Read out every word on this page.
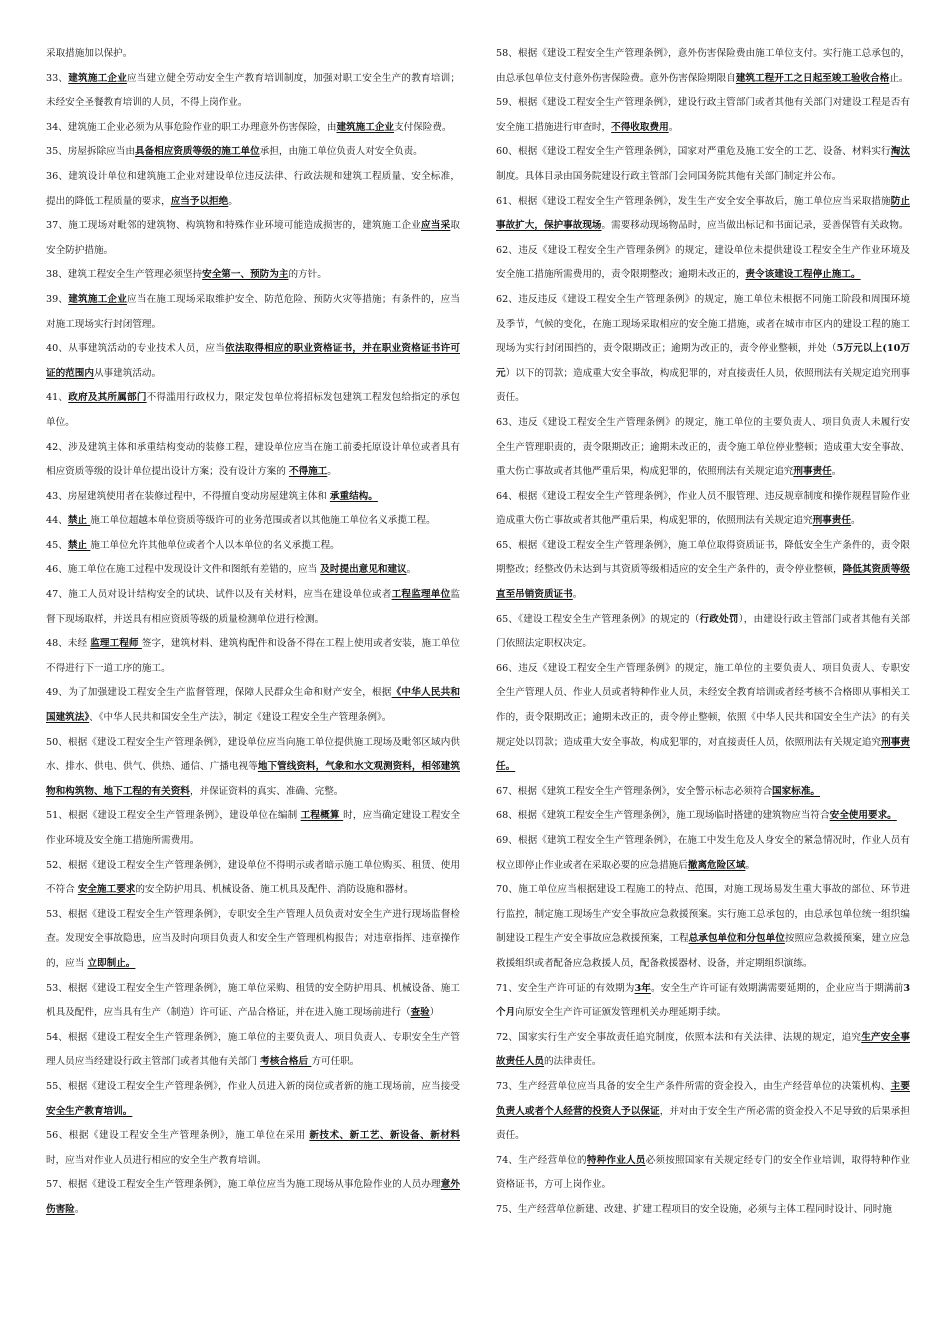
采取措施加以保护。

33、建筑施工企业应当建立健全劳动安全生产教育培训制度，加强对职工安全生产的教育培训；未经安全圣餐教育培训的人员，不得上岗作业。

34、建筑施工企业必须为从事危险作业的职工办理意外伤害保险，由建筑施工企业支付保险费。

35、房屋拆除应当由具备相应资质等级的施工单位承担，由施工单位负责人对安全负责。

36、建筑设计单位和建筑施工企业对建设单位违反法律、行政法规和建筑工程质量、安全标准，提出的降低工程质量的要求，应当予以拒绝。

37、施工现场对毗邻的建筑物、构筑物和特殊作业环境可能造成损害的，建筑施工企业应当采取安全防护措施。

38、建筑工程安全生产管理必须坚持安全第一、预防为主的方针。

39、建筑施工企业应当在施工现场采取维护安全、防范危险、预防火灾等措施；有条件的，应当对施工现场实行封闭管理。

40、从事建筑活动的专业技术人员，应当依法取得相应的职业资格证书，并在职业资格证书许可证的范围内从事建筑活动。

41、政府及其所属部门不得滥用行政权力，限定发包单位将招标发包建筑工程发包给指定的承包单位。

42、涉及建筑主体和承重结构变动的装修工程，建设单位应当在施工前委托原设计单位或者具有相应资质等级的设计单位提出设计方案；没有设计方案的 不得施工。

43、房屋建筑使用者在装修过程中，不得擅自变动房屋建筑主体和 承重结构。

44、禁止 施工单位超越本单位资质等级许可的业务范围或者以其他施工单位名义承揽工程。

45、禁止 施工单位允许其他单位或者个人以本单位的名义承揽工程。

46、施工单位在施工过程中发现设计文件和图纸有差错的，应当 及时提出意见和建议。

47、施工人员对设计结构安全的试块、试件以及有关材料，应当在建设单位或者工程监理单位监督下现场取样，并送具有相应资质等级的质量检测单位进行检测。

48、未经 监理工程师 签字，建筑材料、建筑构配件和设备不得在工程上使用或者安装，施工单位不得进行下一道工序的施工。

49、为了加强建设工程安全生产监督管理，保障人民群众生命和财产安全，根据《中华人民共和国建筑法》、《中华人民共和国安全生产法》，制定《建设工程安全生产管理条例》。

50、根据《建设工程安全生产管理条例》，建设单位应当向施工单位提供施工现场及毗邻区域内供水、排水、供电、供气、供热、通信、广播电视等地下管线资料，气象和水文观测资料，相邻建筑物和构筑物、地下工程的有关资料，并保证资料的真实、准确、完整。

51、根据《建设工程安全生产管理条例》，建设单位在编制 工程概算 时，应当确定建设工程安全作业环境及安全施工措施所需费用。

52、根据《建设工程安全生产管理条例》，建设单位不得明示或者暗示施工单位购买、租赁、使用不符合 安全施工要求的安全防护用具、机械设备、施工机具及配件、消防设施和器材。

53、根据《建设工程安全生产管理条例》，专职安全生产管理人员负责对安全生产进行现场监督检查。发现安全事故隐患，应当及时向项目负责人和安全生产管理机构报告；对违章指挥、违章操作的，应当 立即制止。

53、根据《建设工程安全生产管理条例》，施工单位采购、租赁的安全防护用具、机械设备、施工机具及配件，应当具有生产（制造）许可证、产品合格证，并在进入施工现场前进行（查验）

54、根据《建设工程安全生产管理条例》，施工单位的主要负责人、项目负责人、专职安全生产管理人员应当经建设行政主管部门或者其他有关部门 考核合格后 方可任职。

55、根据《建设工程安全生产管理条例》，作业人员进入新的岗位或者新的施工现场前，应当接受安全生产教育培训。

56、根据《建设工程安全生产管理条例》，施工单位在采用 新技术、新工艺、新设备、新材料 时，应当对作业人员进行相应的安全生产教育培训。

57、根据《建设工程安全生产管理条例》，施工单位应当为施工现场从事危险作业的人员办理意外伤害险。

58、根据《建设工程安全生产管理条例》，意外伤害保险费由施工单位支付。实行施工总承包的，由总承包单位支付意外伤害保险费。意外伤害保险期限自建筑工程开工之日起至竣工验收合格止。

59、根据《建设工程安全生产管理条例》，建设行政主管部门或者其他有关部门对建设工程是否有安全施工措施进行审查时，不得收取费用。

60、根据《建设工程安全生产管理条例》，国家对严重危及施工安全的工艺、设备、材料实行淘汰 制度。具体目录由国务院建设行政主管部门会同国务院其他有关部门制定并公布。

61、根据《建设工程安全生产管理条例》，发生生产安全安全事故后，施工单位应当采取措施防止事故扩大，保护事故现场。需要移动现场物品时，应当做出标记和书面记录，妥善保管有关政物。

62、违反《建设工程安全生产管理条例》的规定，建设单位未提供建设工程安全生产作业环境及安全施工措施所需费用的，责令限期整改；逾期未改正的，责令该建设工程停止施工。

62、违反违反《建设工程安全生产管理条例》的规定，施工单位未根据不同施工阶段和周围环境及季节，气候的变化，在施工现场采取相应的安全施工措施，或者在城市市区内的建设工程的施工现场为实行封闭围挡的，责令限期改正；逾期为改正的，责令停业整顿，并处（5万元以上(10万元）以下的罚款；造成重大安全事故，构成犯罪的，对直接责任人员，依照刑法有关规定追究刑事责任。

63、违反《建设工程安全生产管理条例》的规定，施工单位的主要负责人、项目负责人未履行安全生产管理职责的，责令限期改正；逾期未改正的，责令施工单位停业整顿；造成重大安全事故、重大伤亡事故或者其他严重后果，构成犯罪的，依照刑法有关规定追究刑事责任。

64、根据《建设工程安全生产管理条例》，作业人员不服管理、违反规章制度和操作规程冒险作业造成重大伤亡事故或者其他严重后果，构成犯罪的，依照刑法有关规定追究刑事责任。

65、根据《建设工程安全生产管理条例》，施工单位取得资质证书，降低安全生产条件的，责令限期整改；经整改仍未达到与其资质等级相适应的安全生产条件的，责令停业整顿，降低其资质等级直至吊销资质证书。

65、《建设工程安全生产管理条例》的规定的（行政处罚），由建设行政主管部门或者其他有关部门依照法定职权决定。

66、违反《建设工程安全生产管理条例》的规定，施工单位的主要负责人、项目负责人、专职安全生产管理人员、作业人员或者特种作业人员，未经安全教育培训或者经考核不合格即从事相关工作的，责令限期改正；逾期未改正的，责令停止整顿，依照《中华人民共和国安全生产法》的有关规定处以罚款；造成重大安全事故，构成犯罪的，对直接责任人员，依照刑法有关规定追究刑事责任。

67、根据《建筑工程安全生产管理条例》，安全警示标志必须符合国家标准。

68、根据《建筑工程安全生产管理条例》，施工现场临时搭建的建筑物应当符合安全使用要求。

69、根据《建筑工程安全生产管理条例》，在施工中发生危及人身安全的紧急情况时，作业人员有权立即停止作业或者在采取必要的应急措施后撤离危险区域。

70、施工单位应当根据建设工程施工的特点、范围，对施工现场易发生重大事故的部位、环节进行监控，制定施工现场生产安全事故应急救援预案。实行施工总承包的，由总承包单位统一组织编制建设工程生产安全事故应急救援预案，工程总承包单位和分包单位按照应急救援预案，建立应急救援组织或者配备应急救援人员，配备救援器材、设备，并定期组织演练。

71、安全生产许可证的有效期为3年。安全生产许可证有效期满需要延期的，企业应当于期满前3个月向原安全生产许可证颁发管理机关办理延期手续。

72、国家实行生产安全事故责任追究制度，依照本法和有关法律、法规的规定，追究生产安全事故责任人员的法律责任。

73、生产经营单位应当具备的安全生产条件所需的资金投入，由生产经营单位的决策机构、主要负责人或者个人经营的投资人予以保证，并对由于安全生产所必需的资金投入不足导致的后果承担责任。

74、生产经营单位的特种作业人员必须按照国家有关规定经专门的安全作业培训，取得特种作业资格证书，方可上岗作业。

75、生产经营单位新建、改建、扩建工程项目的安全设施，必须与主体工程同时设计、同时施
